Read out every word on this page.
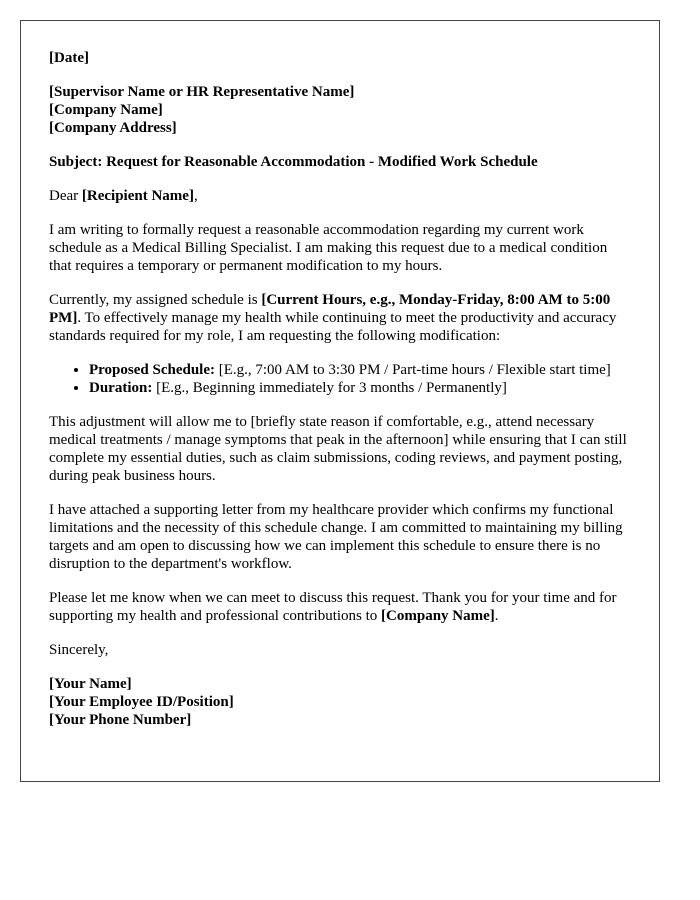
[Date]

[Supervisor Name or HR Representative Name]
[Company Name]
[Company Address]

Subject: Request for Reasonable Accommodation - Modified Work Schedule

Dear [Recipient Name],

I am writing to formally request a reasonable accommodation regarding my current work schedule as a Medical Billing Specialist. I am making this request due to a medical condition that requires a temporary or permanent modification to my hours.

Currently, my assigned schedule is [Current Hours, e.g., Monday-Friday, 8:00 AM to 5:00 PM]. To effectively manage my health while continuing to meet the productivity and accuracy standards required for my role, I am requesting the following modification:

• Proposed Schedule: [E.g., 7:00 AM to 3:30 PM / Part-time hours / Flexible start time]
• Duration: [E.g., Beginning immediately for 3 months / Permanently]

This adjustment will allow me to [briefly state reason if comfortable, e.g., attend necessary medical treatments / manage symptoms that peak in the afternoon] while ensuring that I can still complete my essential duties, such as claim submissions, coding reviews, and payment posting, during peak business hours.

I have attached a supporting letter from my healthcare provider which confirms my functional limitations and the necessity of this schedule change. I am committed to maintaining my billing targets and am open to discussing how we can implement this schedule to ensure there is no disruption to the department's workflow.

Please let me know when we can meet to discuss this request. Thank you for your time and for supporting my health and professional contributions to [Company Name].

Sincerely,

[Your Name]
[Your Employee ID/Position]
[Your Phone Number]
